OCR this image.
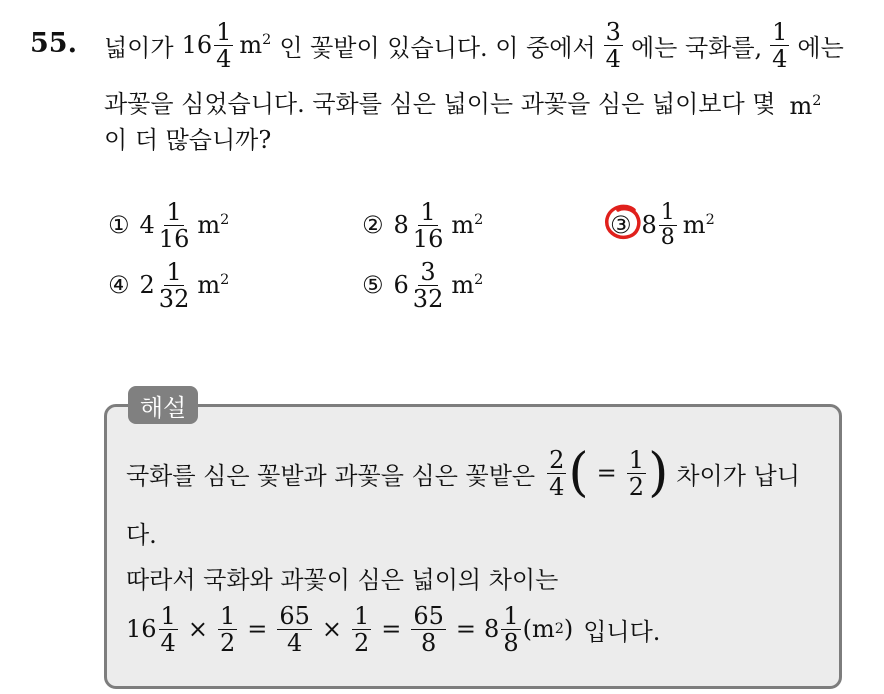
55. 넓이가 $16 \frac{1}{4} m^2$ 인 꽃밭이 있습니다. 이 중에서 $\frac{3}{4}$ 에는 국화를, $\frac{1}{4}$ 에는
과꽃을 심었습니다. 국화를 심은 넓이는 과꽃을 심은 넓이보다 몇 $m^2$
이 더 많습니까?
① $4 \frac{1}{16} m^2$	② $8 \frac{1}{16} m^2$	③ $8 \frac{1}{8} m^2$
④ $2 \frac{1}{32} m^2$	⑤ $6 \frac{3}{32} m^2$
해설
국화를 심은 꽃밭과 과꽃을 심은 꽃밭은 $\frac{2}{4}$ ( = $\frac{1}{2}$ ) 차이가 납니
다.
따라서 국화와 과꽃이 심은 넓이의 차이는
$16 \frac{1}{4} \times \frac{1}{2} = \frac{65}{4} \times \frac{1}{2} = \frac{65}{8} = 8 \frac{1}{8} (m$ 2 ) 입니다.
